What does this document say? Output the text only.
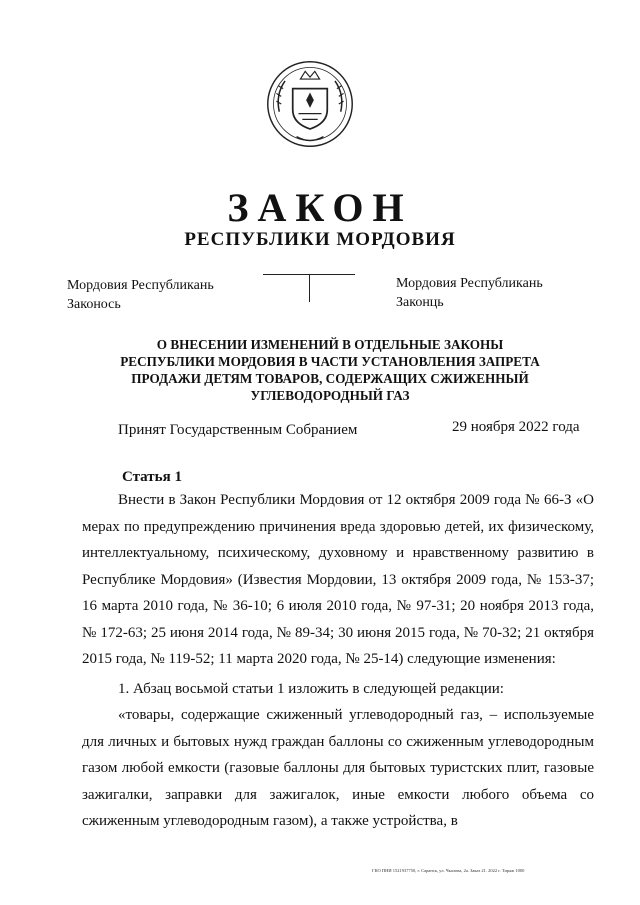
ЗАКОН
РЕСПУБЛИКИ МОРДОВИЯ
Мордовия Республикань
Законось
Мордовия Республикань
Законць
О ВНЕСЕНИИ ИЗМЕНЕНИЙ В ОТДЕЛЬНЫЕ ЗАКОНЫ РЕСПУБЛИКИ МОРДОВИЯ В ЧАСТИ УСТАНОВЛЕНИЯ ЗАПРЕТА ПРОДАЖИ ДЕТЯМ ТОВАРОВ, СОДЕРЖАЩИХ СЖИЖЕННЫЙ УГЛЕВОДОРОДНЫЙ ГАЗ
Принят Государственным Собранием	29 ноября 2022 года
Статья 1

Внести в Закон Республики Мордовия от 12 октября 2009 года № 66-З «О мерах по предупреждению причинения вреда здоровью детей, их физическому, интеллектуальному, психическому, духовному и нравственному развитию в Республике Мордовия» (Известия Мордовии, 13 октября 2009 года, № 153-37; 16 марта 2010 года, № 36-10; 6 июля 2010 года, № 97-31; 20 ноября 2013 года, № 172-63; 25 июня 2014 года, № 89-34; 30 июня 2015 года, № 70-32; 21 октября 2015 года, № 119-52; 11 марта 2020 года, № 25-14) следующие изменения:

1. Абзац восьмой статьи 1 изложить в следующей редакции:

«товары, содержащие сжиженный углеводородный газ, – используемые для личных и бытовых нужд граждан баллоны со сжиженным углеводородным газом любой емкости (газовые баллоны для бытовых туристских плит, газовые зажигалки, заправки для зажигалок, иные емкости любого объема со сжиженным углеводородным газом), а также устройства, в

ГКО ПНИ 1521937750, г. Саранск, ул. Чкалова, 2а. Заказ 21. 2022 г. Тираж 1000
